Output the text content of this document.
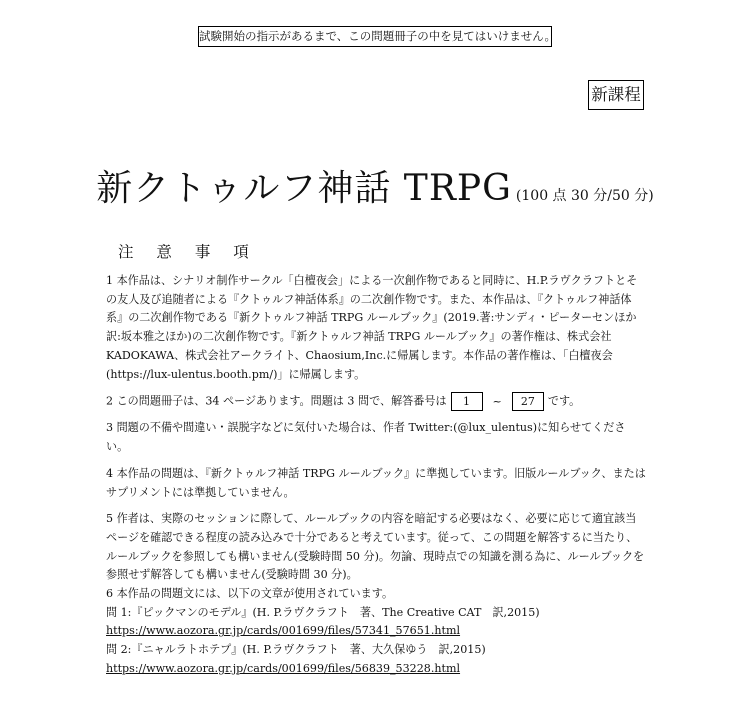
試験開始の指示があるまで、この問題冊子の中を見てはいけません。
新課程
新クトゥルフ神話 TRPG (100 点 30 分/50 分)
注 意 事 項

1 本作品は、シナリオ制作サークル「白檀夜会」による一次創作物であると同時に、H.P.ラヴクラフトとその友人及び追随者による『クトゥルフ神話体系』の二次創作物です。また、本作品は、『クトゥルフ神話体系』の二次創作物である『新クトゥルフ神話 TRPG ルールブック』(2019.著:サンディ・ピーターセンほか　訳:坂本雅之ほか)の二次創作物です。『新クトゥルフ神話 TRPG ルールブック』の著作権は、株式会社 KADOKAWA、株式会社アークライト、Chaosium,Inc.に帰属します。本作品の著作権は、「白檀夜会(https://lux-ulentus.booth.pm/)」に帰属します。

2 この問題冊子は、34 ページあります。問題は 3 問で、解答番号は 1 ~ 27 です。

3 問題の不備や間違い・誤脱字などに気付いた場合は、作者 Twitter:(@lux_ulentus)に知らせてください。

4 本作品の問題は、『新クトゥルフ神話 TRPG ルールブック』に準拠しています。旧版ルールブック、またはサプリメントには準拠していません。

5 作者は、実際のセッションに際して、ルールブックの内容を暗記する必要はなく、必要に応じて適宜該当ページを確認できる程度の読み込みで十分であると考えています。従って、この問題を解答するに当たり、ルールブックを参照しても構いません(受験時間 50 分)。勿論、現時点での知識を測る為に、ルールブックを参照せず解答しても構いません(受験時間 30 分)。

6 本作品の問題文には、以下の文章が使用されています。

問 1:『ピックマンのモデル』(H. P.ラヴクラフト　著、The Creative CAT　訳,2015)
https://www.aozora.gr.jp/cards/001699/files/57341_57651.html
問 2:『ニャルラトホテプ』(H. P.ラヴクラフト　著、大久保ゆう　訳,2015)
https://www.aozora.gr.jp/cards/001699/files/56839_53228.html
